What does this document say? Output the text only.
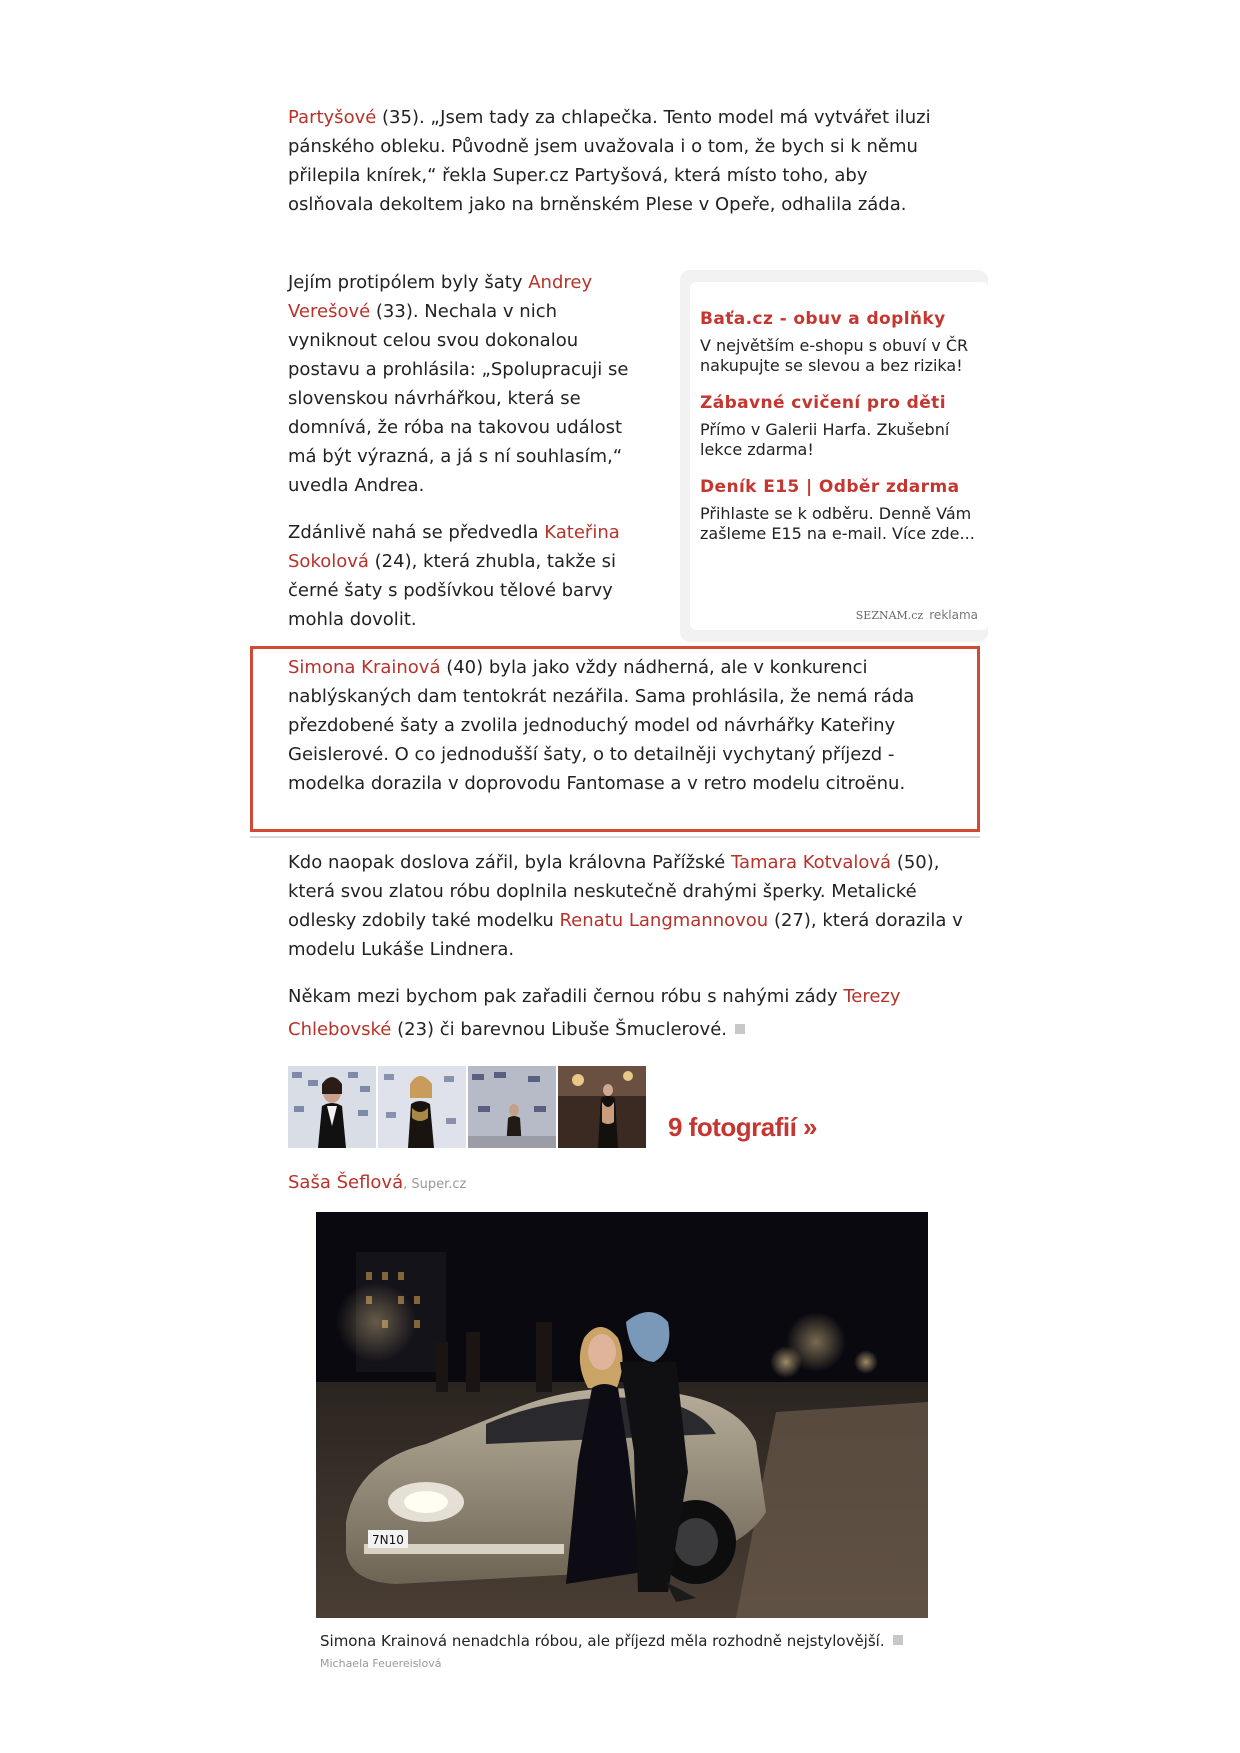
Partyšové (35). „Jsem tady za chlapečka. Tento model má vytvářet iluzi pánského obleku. Původně jsem uvažovala i o tom, že bych si k němu přilepila knírek,“ řekla Super.cz Partyšová, která místo toho, aby oslňovala dekoltem jako na brněnském Plese v Opeře, odhalila záda.

Jejím protipólem byly šaty Andrey Verešové (33). Nechala v nich vyniknout celou svou dokonalou postavu a prohlásila: „Spolupracuji se slovenskou návrhářkou, která se domnívá, že róba na takovou událost má být výrazná, a já s ní souhlasím,“ uvedla Andrea.

Zdánlivě nahá se předvedla Kateřina Sokolová (24), která zhubla, takže si černé šaty s podšívkou tělové barvy mohla dovolit.

Baťa.cz - obuv a doplňky
V největším e-shopu s obuví v ČR nakupujte se slevou a bez rizika!
Zábavné cvičení pro děti
Přímo v Galerii Harfa. Zkušební lekce zdarma!
Deník E15 | Odběr zdarma
Přihlaste se k odběru. Denně Vám zašleme E15 na e-mail. Více zde...
SEZNAM.cz reklama

Simona Krainová (40) byla jako vždy nádherná, ale v konkurenci nablýskaných dam tentokrát nezářila. Sama prohlásila, že nemá ráda přezdobené šaty a zvolila jednoduchý model od návrhářky Kateřiny Geislerové. O co jednodušší šaty, o to detailněji vychytaný příjezd - modelka dorazila v doprovodu Fantomase a v retro modelu citroënu.

Kdo naopak doslova zářil, byla královna Pařížské Tamara Kotvalová (50), která svou zlatou róbu doplnila neskutečně drahými šperky. Metalické odlesky zdobily také modelku Renatu Langmannovou (27), která dorazila v modelu Lukáše Lindnera.

Někam mezi bychom pak zařadili černou róbu s nahými zády Terezy Chlebovské (23) či barevnou Libuše Šmuclerové.

9 fotografií »
Saša Šeflová, Super.cz
7N10
Simona Krainová nenadchla róbou, ale příjezd měla rozhodně nejstylovější.
Michaela Feuereislová
